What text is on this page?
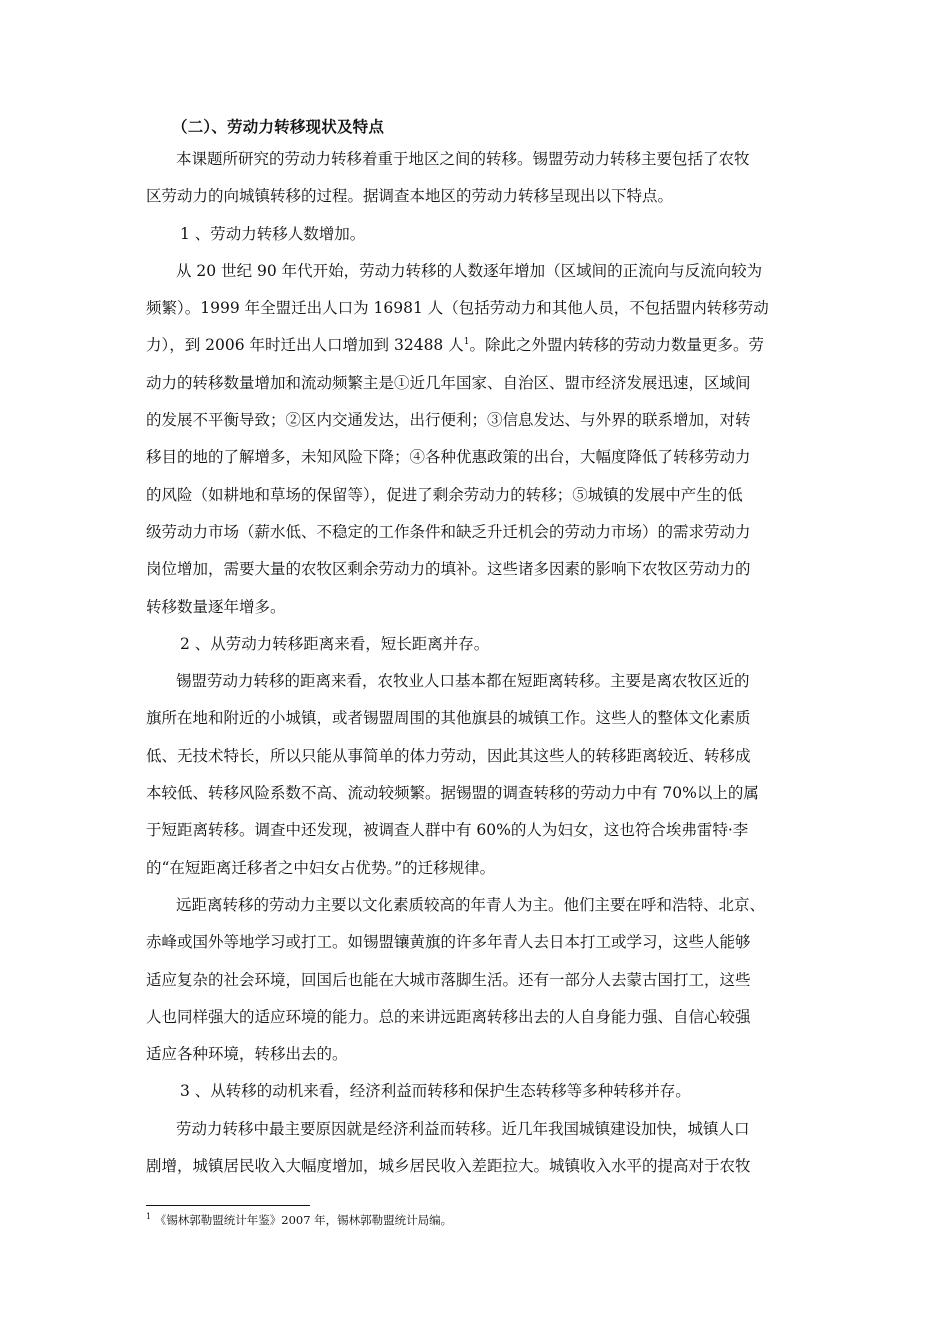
（二）、劳动力转移现状及特点
本课题所研究的劳动力转移着重于地区之间的转移。锡盟劳动力转移主要包括了农牧
区劳动力的向城镇转移的过程。据调查本地区的劳动力转移呈现出以下特点。
1 、劳动力转移人数增加。
从 20 世纪 90 年代开始，劳动力转移的人数逐年增加（区域间的正流向与反流向较为
频繁）。1999 年全盟迁出人口为 16981 人（包括劳动力和其他人员，不包括盟内转移劳动
力），到 2006 年时迁出人口增加到 32488 人$^1$。除此之外盟内转移的劳动力数量更多。劳
动力的转移数量增加和流动频繁主是①近几年国家、自治区、盟市经济发展迅速，区域间
的发展不平衡导致；②区内交通发达，出行便利；③信息发达、与外界的联系增加，对转
移目的地的了解增多，未知风险下降；④各种优惠政策的出台，大幅度降低了转移劳动力
的风险（如耕地和草场的保留等），促进了剩余劳动力的转移；⑤城镇的发展中产生的低
级劳动力市场（薪水低、不稳定的工作条件和缺乏升迁机会的劳动力市场）的需求劳动力
岗位增加，需要大量的农牧区剩余劳动力的填补。这些诸多因素的影响下农牧区劳动力的
转移数量逐年增多。
2 、从劳动力转移距离来看，短长距离并存。
锡盟劳动力转移的距离来看，农牧业人口基本都在短距离转移。主要是离农牧区近的
旗所在地和附近的小城镇，或者锡盟周围的其他旗县的城镇工作。这些人的整体文化素质
低、无技术特长，所以只能从事简单的体力劳动，因此其这些人的转移距离较近、转移成
本较低、转移风险系数不高、流动较频繁。据锡盟的调查转移的劳动力中有 70%以上的属
于短距离转移。调查中还发现，被调查人群中有 60%的人为妇女，这也符合埃弗雷特·李
的“在短距离迁移者之中妇女占优势。”的迁移规律。
远距离转移的劳动力主要以文化素质较高的年青人为主。他们主要在呼和浩特、北京、
赤峰或国外等地学习或打工。如锡盟镶黄旗的许多年青人去日本打工或学习，这些人能够
适应复杂的社会环境，回国后也能在大城市落脚生活。还有一部分人去蒙古国打工，这些
人也同样强大的适应环境的能力。总的来讲远距离转移出去的人自身能力强、自信心较强
适应各种环境，转移出去的。
3 、从转移的动机来看，经济利益而转移和保护生态转移等多种转移并存。
劳动力转移中最主要原因就是经济利益而转移。近几年我国城镇建设加快，城镇人口
剧增，城镇居民收入大幅度增加，城乡居民收入差距拉大。城镇收入水平的提高对于农牧
$^1$ 《锡林郭勒盟统计年鉴》2007 年，锡林郭勒盟统计局编。
